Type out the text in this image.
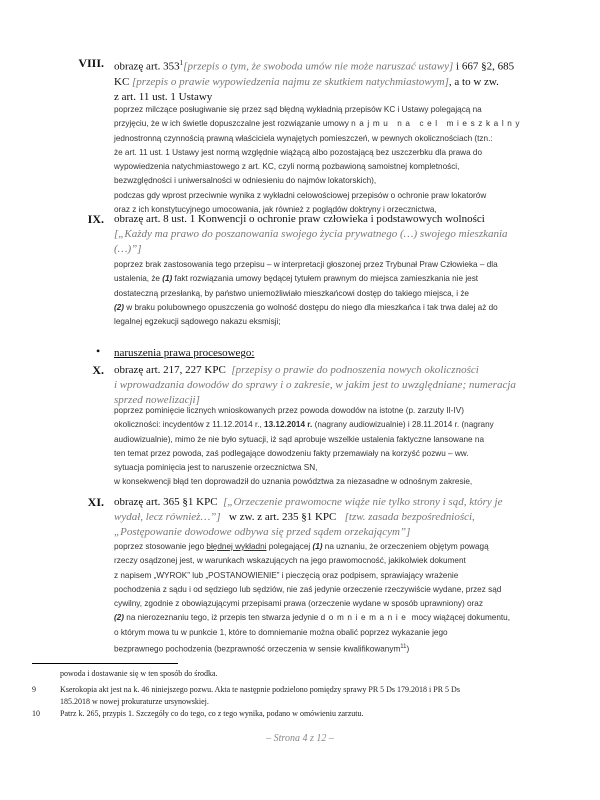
VIII. obrazę art. $353^1[przepis$ o tym, że swoboda umów nie może naruszać ustawy] i 667 §2, 685
KC [przepis o prawie wypowiedzenia najmu ze skutkiem natychmiastowym], a to w zw.
z art. 11 ust. 1 Ustawy

poprzez milczące posługiwanie się przez sąd błędną wykładnią przepisów KC i Ustawy polegającą na

przyjęciu, że w ich świetle dopuszczalne jest rozwiązanie umowy najmu na cel mieszkalny

jednostronną czynnością prawną właściciela wynajętych pomieszczeń, w pewnych okolicznościach (tzn.:

że art. 11 ust. 1 Ustawy jest normą względnie wiążącą albo pozostającą bez uszczerbku dla prawa do

wypowiedzenia natychmiastowego z art. KC, czyli normą pozbawioną samoistnej kompletności,

bezwzględności i uniwersalności w odniesieniu do najmów lokatorskich),

podczas gdy wprost przeciwnie wynika z wykładni celowościowej przepisów o ochronie praw lokatorów

oraz z ich konstytucyjnego umocowania, jak również z poglądów doktryny i orzecznictwa,

IX. obrazę art. 8 ust. 1 Konwencji o ochronie praw człowieka i podstawowych wolności
[„Każdy ma prawo do poszanowania swojego życia prywatnego (…) swojego mieszkania
(…)”]

poprzez brak zastosowania tego przepisu – w interpretacji głoszonej przez Trybunał Praw Człowieka – dla

ustalenia, że (1) fakt rozwiązania umowy będącej tytułem prawnym do miejsca zamieszkania nie jest

dostateczną przesłanką, by państwo uniemożliwiało mieszkańcowi dostęp do takiego miejsca, i że

(2) w braku polubownego opuszczenia go wolność dostępu do niego dla mieszkańca i tak trwa dalej aż do

legalnej egzekucji sądowego nakazu eksmisji;

• naruszenia prawa procesowego:
X. obrazę art. 217, 227 KPC [przepisy o prawie do podnoszenia nowych okoliczności
i wprowadzania dowodów do sprawy i o zakresie, w jakim jest to uwzględniane; numeracja
sprzed nowelizacji]

poprzez pominięcie licznych wnioskowanych przez powoda dowodów na istotne (p. zarzuty II-IV)

okoliczności: incydentów z 11.12.2014 r., 13.12.2014 r. (nagrany audiowizualnie) i 28.11.2014 r. (nagrany

audiowizualnie), mimo że nie było sytuacji, iż sąd aprobuje wszelkie ustalenia faktyczne lansowane na

ten temat przez powoda, zaś podlegające dowodzeniu fakty przemawiały na korzyść pozwu – ww.

sytuacja pominięcia jest to naruszenie orzecznictwa SN,

w konsekwencji błąd ten doprowadził do uznania powództwa za niezasadne w odnośnym zakresie,

XI. obrazę art. 365 §1 KPC [„Orzeczenie prawomocne wiąże nie tylko strony i sąd, który je
wydał, lecz również…”] w zw. z art. 235 §1 KPC [tzw. zasada bezpośredniości,
„Postępowanie dowodowe odbywa się przed sądem orzekającym”]

poprzez stosowanie jego błędnej wykładni polegającej (1) na uznaniu, że orzeczeniem objętym powagą

rzeczy osądzonej jest, w warunkach wskazujących na jego prawomocność, jakikolwiek dokument

z napisem „WYROK” lub „POSTANOWIENIE” i pieczęcią oraz podpisem, sprawiający wrażenie

pochodzenia z sądu i od sędziego lub sędziów, nie zaś jedynie orzeczenie rzeczywiście wydane, przez sąd

cywilny, zgodnie z obowiązującymi przepisami prawa (orzeczenie wydane w sposób uprawniony) oraz

(2) na nierozeznaniu tego, iż przepis ten stwarza jedynie domniemanie mocy wiążącej dokumentu,

o którym mowa tu w punkcie 1, które to domniemanie można obalić poprzez wykazanie jego

bezprawnego pochodzenia (bezprawność orzeczenia w sensie kwalifikowanym$^{11}$)

powoda i dostawanie się w ten sposób do środka.
9	Kserokopia akt jest na k. 46 niniejszego pozwu. Akta te następnie podzielono pomiędzy sprawy PR 5 Ds 179.2018 i PR 5 Ds
185.2018 w nowej prokuraturze ursynowskiej.
10	Patrz k. 265, przypis 1. Szczegóły co do tego, co z tego wynika, podano w omówieniu zarzutu.
– Strona 4 z 12 –
